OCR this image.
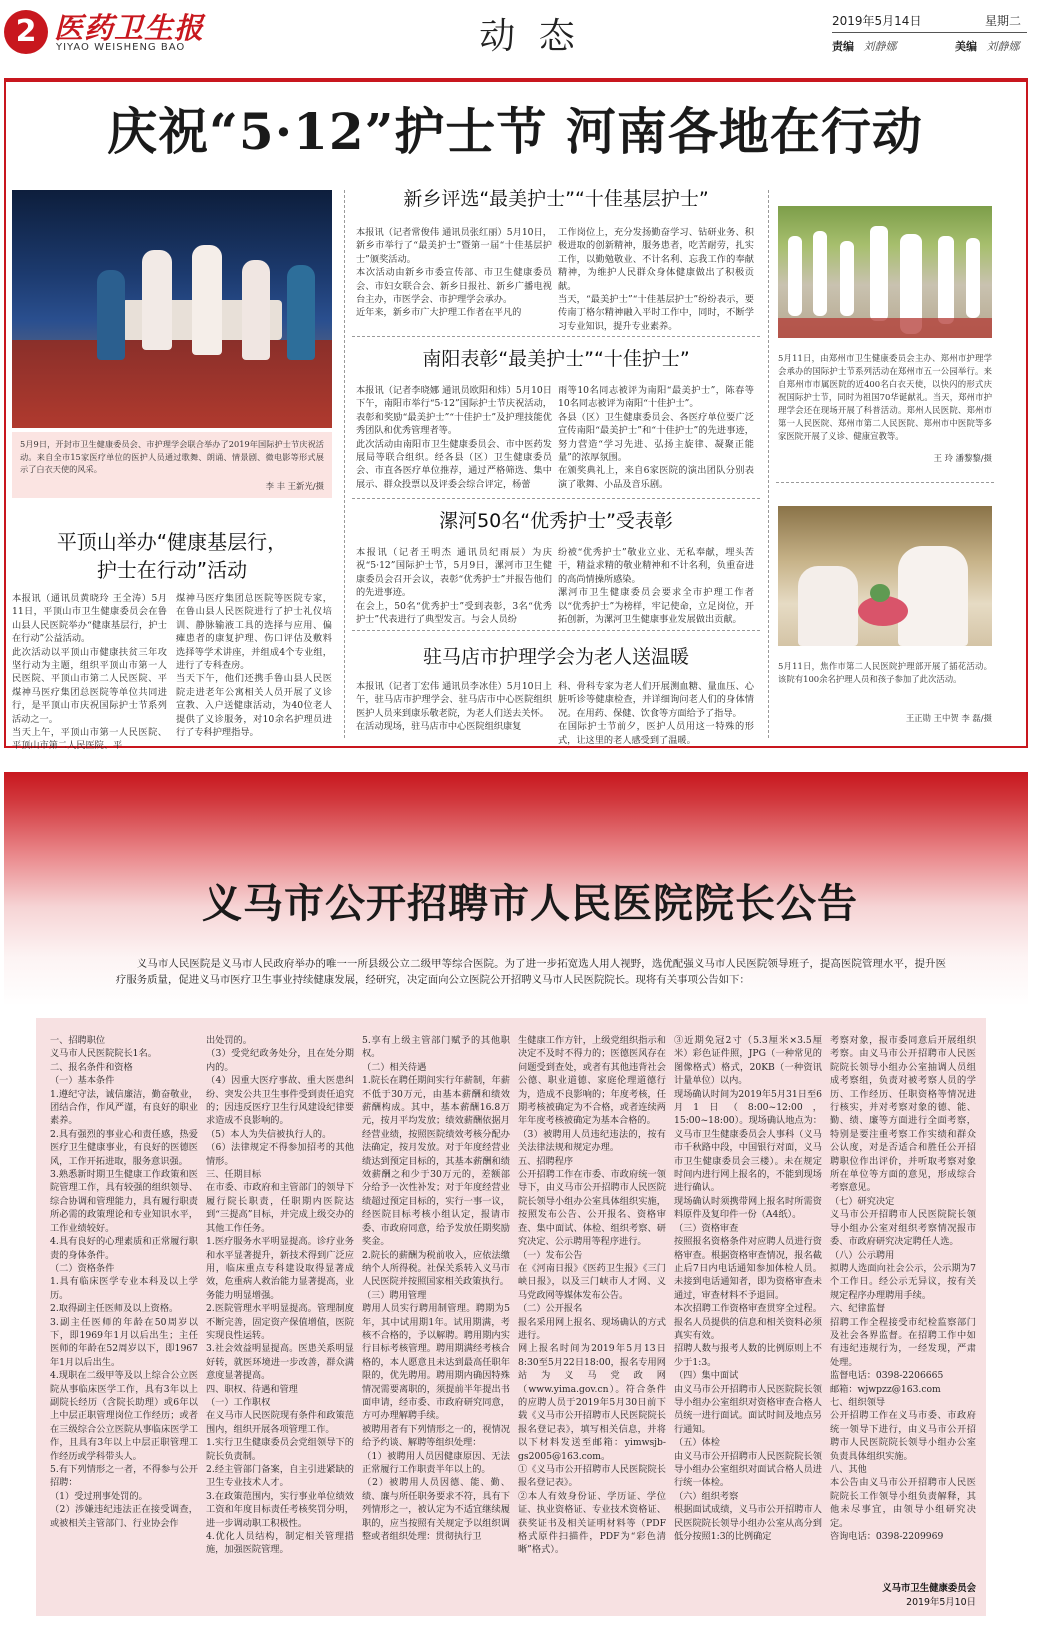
2 医药卫生报
YIYAO WEISHENG BAO	动 态	2019年5月14日	星期二
责编 刘静娜	美编 刘静娜
庆祝“5·12”护士节 河南各地在行动
5月9日，开封市卫生健康委员会、市护理学会联合举办了2019年国际护士节庆祝活动。来自全市15家医疗单位的医护人员通过歌舞、朗诵、情景剧、微电影等形式展示了白衣天使的风采。
李 丰 王新光/摄
平顶山举办“健康基层行，
护士在行动”活动
本报讯（通讯员黄晓玲 王全涛）5月11日，平顶山市卫生健康委员会在鲁山县人民医院举办“健康基层行，护士在行动”公益活动。
此次活动以平顶山市健康扶贫三年攻坚行动为主题，组织平顶山市第一人民医院、平顶山市第二人民医院、平煤神马医疗集团总医院等单位共同进行，是平顶山市庆祝国际护士节系列活动之一。
当天上午，平顶山市第一人民医院、平顶山市第二人民医院、平
煤神马医疗集团总医院等医院专家，在鲁山县人民医院进行了护士礼仪培训、静脉输液工具的选择与应用、偏瘫患者的康复护理、伤口评估及敷料选择等学术讲座，并组成4个专业组，进行了专科查房。
当天下午，他们还携手鲁山县人民医院走进老年公寓相关人员开展了义诊宣教、入户送健康活动，为40位老人提供了义诊服务，对10余名护理员进行了专科护理指导。
新乡评选“最美护士”“十佳基层护士”
本报讯（记者常俊伟 通讯员张红丽）5月10日，新乡市举行了“最美护士”暨第一届“十佳基层护士”颁奖活动。
本次活动由新乡市委宣传部、市卫生健康委员会、市妇女联合会、新乡日报社、新乡广播电视台主办，市医学会、市护理学会承办。
近年来，新乡市广大护理工作者在平凡的
工作岗位上，充分发扬勤奋学习、钻研业务、积极进取的创新精神，服务患者，吃苦耐劳，扎实工作，以勤勉敬业、不计名利、忘我工作的奉献精神，为维护人民群众身体健康做出了积极贡献。
当天，“最美护士”“十佳基层护士”纷纷表示，要传南丁格尔精神融入平时工作中，同时，不断学习专业知识，提升专业素养。
南阳表彰“最美护士”“十佳护士”
本报讯（记者李晓娜 通讯员欧阳和炜）5月10日下午，南阳市举行“5·12”国际护士节庆祝活动，表彰和奖励“最美护士”“十佳护士”及护理技能优秀团队和优秀管理者等。
此次活动由南阳市卫生健康委员会、市中医药发展局等联合组织。经各县（区）卫生健康委员会、市直各医疗单位推荐，通过严格筛选、集中展示、群众投票以及评委会综合评定，杨蕾
雨等10名同志被评为南阳“最美护士”，陈春等10名同志被评为南阳“十佳护士”。
各县（区）卫生健康委员会、各医疗单位要广泛宣传南阳“最美护士”和“十佳护士”的先进事迹，努力营造“学习先进、弘扬主旋律、凝聚正能量”的浓厚氛围。
在颁奖典礼上，来自6家医院的演出团队分别表演了歌舞、小品及音乐剧。
漯河50名“优秀护士”受表彰
本报讯（记者王明杰 通讯员纪雨辰）为庆祝“5·12”国际护士节，5月9日，漯河市卫生健康委员会召开会议，表彰“优秀护士”并报告他们的先进事迹。
在会上，50名“优秀护士”受到表彰，3名“优秀护士”代表进行了典型发言。与会人员纷
纷被“优秀护士”敬业立业、无私奉献，埋头苦干，精益求精的敬业精神和不计名利，负重奋进的高尚情操所感染。
漯河市卫生健康委员会要求全市护理工作者以“优秀护士”为榜样，牢记使命，立足岗位，开拓创新，为漯河卫生健康事业发展做出贡献。
驻马店市护理学会为老人送温暖
本报讯（记者丁宏伟 通讯员李冰佳）5月10日上午，驻马店市护理学会、驻马店市中心医院组织医护人员来到康乐敬老院，为老人们送去关怀。
在活动现场，驻马店市中心医院组织康复
科、骨科专家为老人们开展测血糖、量血压、心脏听诊等健康检查，并详细询问老人们的身体情况。在用药、保健、饮食等方面给予了指导。
在国际护士节前夕，医护人员用这一特殊的形式，让这里的老人感受到了温暖。
5月11日，由郑州市卫生健康委员会主办、郑州市护理学会承办的国际护士节系列活动在郑州市五一公园举行。来自郑州市市属医院的近400名白衣天使，以快闪的形式庆祝国际护士节，同时为祖国70华诞献礼。当天，郑州市护理学会还在现场开展了科普活动。郑州人民医院、郑州市第一人民医院、郑州市第二人民医院、郑州市中医院等多家医院开展了义诊、健康宣教等。
王 玲 潘黎黎/摄
5月11日，焦作市第二人民医院护理部开展了插花活动。该院有100余名护理人员和孩子参加了此次活动。
王正勋 王中贺 李 磊/摄
义马市公开招聘市人民医院院长公告
义马市人民医院是义马市人民政府举办的唯一一所县级公立二级甲等综合医院。为了进一步拓宽选人用人视野，选优配强义马市人民医院领导班子，提高医院管理水平，提升医疗服务质量，促进义马市医疗卫生事业持续健康发展，经研究，决定面向公立医院公开招聘义马市人民医院院长。现将有关事项公告如下：
一、招聘职位
义马市人民医院院长1名。
二、报名条件和资格
（一）基本条件
1.遵纪守法，诚信廉洁，勤奋敬业，团结合作，作风严谨，有良好的职业素养。
2.具有强烈的事业心和责任感，热爱医疗卫生健康事业，有良好的医德医风，工作开拓进取，服务意识强。
3.熟悉新时期卫生健康工作政策和医院管理工作，具有较强的组织领导、综合协调和管理能力，具有履行职责所必需的政策理论和专业知识水平，工作业绩较好。
4.具有良好的心理素质和正常履行职责的身体条件。
（二）资格条件
1.具有临床医学专业本科及以上学历。
2.取得副主任医师及以上资格。
3.副主任医师的年龄在50周岁以下，即1969年1月以后出生；主任医师的年龄在52周岁以下，即1967年1月以后出生。
4.现职在二级甲等及以上综合公立医院从事临床医学工作，具有3年以上副院长经历（含院长助理）或6年以上中层正职管理岗位工作经历；或者在三级综合公立医院从事临床医学工作，且具有3年以上中层正职管理工作经历或学科带头人。
5.有下列情形之一者，不得参与公开招聘：
（1）受过刑事处罚的。
（2）涉嫌违纪违法正在接受调查，或被相关主管部门、行业协会作
出处罚的。
（3）受党纪政务处分，且在处分期内的。
（4）因重大医疗事故、重大医患纠纷、突发公共卫生事件受到责任追究的；因违反医疗卫生行风建设纪律要求造成不良影响的。
（5）本人为失信被执行人的。
（6）法律规定不得参加招考的其他情形。
三、任期目标
在市委、市政府和主管部门的领导下履行院长职责，任职期内医院达到“三提高”目标，并完成上级交办的其他工作任务。
1.医疗服务水平明显提高。诊疗业务和水平显著提升，新技术得到广泛应用，临床重点专科建设取得显著成效，危重病人救治能力显著提高，业务能力明显增强。
2.医院管理水平明显提高。管理制度不断完善，固定资产保值增值，医院实现良性运转。
3.社会效益明显提高。医患关系明显好转，就医环境进一步改善，群众满意度显著提高。
四、职权、待遇和管理
（一）工作职权
在义马市人民医院现有条件和政策范围内，组织开展各项管理工作。
1.实行卫生健康委员会党组领导下的院长负责制。
2.经主管部门备案，自主引进紧缺的卫生专业技术人才。
3.在政策范围内，实行事业单位绩效工资和年度目标责任考核奖罚分明，进一步调动职工积极性。
4.优化人员结构，制定相关管理措施，加强医院管理。
5.享有上级主管部门赋予的其他职权。
（二）相关待遇
1.院长在聘任期间实行年薪制，年薪不低于30万元，由基本薪酬和绩效薪酬构成。其中，基本薪酬16.8万元，按月平均发放；绩效薪酬依据月经营业绩，按照医院绩效考核分配办法确定，按月发放。对于年度经营业绩达到预定目标的，其基本薪酬和绩效薪酬之和少于30万元的，差额部分给予一次性补发；对于年度经营业绩超过预定目标的，实行一事一议，经医院目标考核小组认定，报请市委、市政府同意，给予发放任期奖励奖金。
2.院长的薪酬为税前收入，应依法缴纳个人所得税。社保关系转入义马市人民医院并按照国家相关政策执行。
（三）聘用管理
聘用人员实行聘用制管理。聘期为5年，其中试用期1年。试用期满，考核不合格的，予以解聘。聘用期内实行目标考核管理。聘用期满经考核合格的，本人愿意且未达到最高任职年限的，优先聘用。聘用期内确因特殊情况需要离职的，须提前半年提出书面申请，经市委、市政府研究同意，方可办理解聘手续。
被聘用者有下列情形之一的，视情况给予约谈、解聘等组织处理：
（1）被聘用人员因健康原因、无法正常履行工作职责半年以上的。
（2）被聘用人员因德、能、勤、绩、廉与所任职务要求不符，具有下列情形之一，被认定为不适宜继续履职的，应当按照有关规定予以组织调整或者组织处理：贯彻执行卫
生健康工作方针，上级党组织指示和决定不及时不得力的；医德医风存在问题受到查处，或者有其他违背社会公德、职业道德、家庭伦理道德行为，造成不良影响的；年度考核，任期考核被确定为不合格，或者连续两年年度考核被确定为基本合格的。
（3）被聘用人员违纪违法的，按有关法律法规和规定办理。
五、招聘程序
公开招聘工作在市委、市政府统一领导下，由义马市公开招聘市人民医院院长领导小组办公室具体组织实施，按照发布公告、公开报名、资格审查、集中面试、体检、组织考察、研究决定、公示聘用等程序进行。
（一）发布公告
在《河南日报》《医药卫生报》《三门峡日报》，以及三门峡市人才网、义马党政网等媒体发布公告。
（二）公开报名
报名采用网上报名、现场确认的方式进行。
网上报名时间为2019年5月13日8:30至5月22日18:00，报名专用网站为义马党政网（www.yima.gov.cn）。符合条件的应聘人员于2019年5月30日前下载《义马市公开招聘市人民医院院长报名登记表》，填写相关信息，并将以下材料发送至邮箱：yimwsjb-gs2005@163.com。
①《义马市公开招聘市人民医院院长报名登记表》。
②本人有效身份证、学历证、学位证、执业资格证、专业技术资格证、获奖证书及相关证明材料等（PDF格式原件扫描件，PDF为“彩色清晰”格式）。
③近期免冠2寸（5.3厘米×3.5厘米）彩色证件照，JPG（一种常见的图像格式）格式，20KB（一种资讯计量单位）以内。
现场确认时间为2019年5月31日至6月1日（8:00~12:00，15:00~18:00）。现场确认地点为：义马市卫生健康委员会人事科（义马市千秋路中段，中国银行对面，义马市卫生健康委员会三楼）。未在规定时间内进行网上报名的，不能到现场进行确认。
现场确认时须携带网上报名时所需资料原件及复印件一份（A4纸）。
（三）资格审查
按照报名资格条件对应聘人员进行资格审查。根据资格审查情况，报名截止后7日内电话通知参加体检人员。未接到电话通知者，即为资格审查未通过，审查材料不予退回。
本次招聘工作资格审查贯穿全过程。报名人员提供的信息和相关资料必须真实有效。
招聘人数与报考人数的比例原则上不少于1:3。
（四）集中面试
由义马市公开招聘市人民医院院长领导小组办公室组织对资格审查合格人员统一进行面试。面试时间及地点另行通知。
（五）体检
由义马市公开招聘市人民医院院长领导小组办公室组织对面试合格人员进行统一体检。
（六）组织考察
根据面试成绩，义马市公开招聘市人民医院院长领导小组办公室从高分到低分按照1:3的比例确定
考察对象，报市委同意后开展组织考察。由义马市公开招聘市人民医院院长领导小组办公室抽调人员组成考察组，负责对被考察人员的学历、工作经历、任职资格等情况进行核实，并对考察对象的德、能、勤、绩、廉等方面进行全面考察，特别是要注重考察工作实绩和群众公认度，对是否适合和胜任公开招聘职位作出评价，并听取考察对象所在单位等方面的意见，形成综合考察意见。
（七）研究决定
义马市公开招聘市人民医院院长领导小组办公室对组织考察情况报市委、市政府研究决定聘任人选。
（八）公示聘用
拟聘人选面向社会公示，公示期为7个工作日。经公示无异议，按有关规定程序办理聘用手续。
六、纪律监督
招聘工作全程接受市纪检监察部门及社会各界监督。在招聘工作中如有违纪违规行为，一经发现，严肃处理。
监督电话：0398-2206665
邮箱：wjwpzz@163.com
七、组织领导
公开招聘工作在义马市委、市政府统一领导下进行，由义马市公开招聘市人民医院院长领导小组办公室负责具体组织实施。
八、其他
本公告由义马市公开招聘市人民医院院长工作领导小组负责解释，其他未尽事宜，由领导小组研究决定。
咨询电话：0398-2209969
义马市卫生健康委员会
2019年5月10日
